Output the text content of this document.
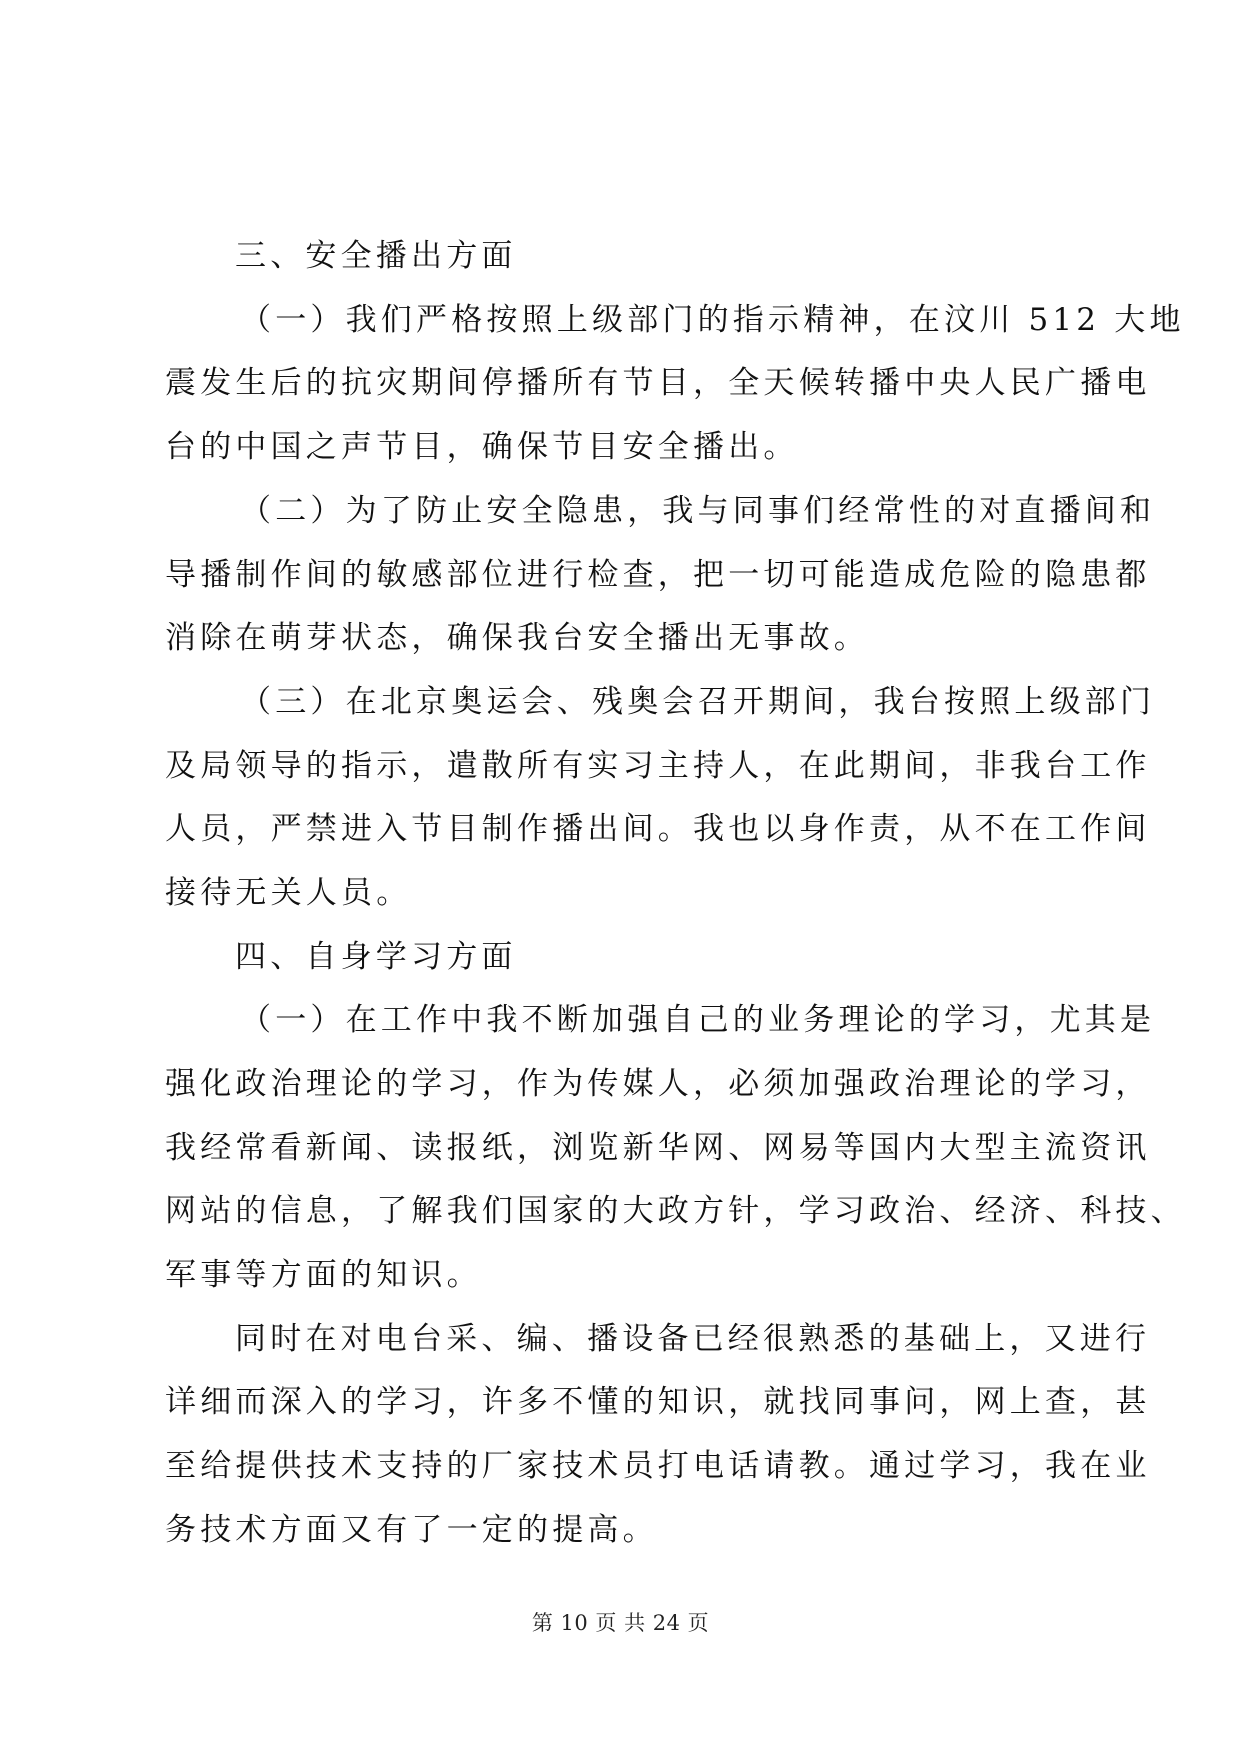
三、安全播出方面

（一）我们严格按照上级部门的指示精神，在汶川 512 大地

震发生后的抗灾期间停播所有节目，全天候转播中央人民广播电

台的中国之声节目，确保节目安全播出。

（二）为了防止安全隐患，我与同事们经常性的对直播间和

导播制作间的敏感部位进行检查，把一切可能造成危险的隐患都

消除在萌芽状态，确保我台安全播出无事故。

（三）在北京奥运会、残奥会召开期间，我台按照上级部门

及局领导的指示，遣散所有实习主持人，在此期间，非我台工作

人员，严禁进入节目制作播出间。我也以身作责，从不在工作间

接待无关人员。

四、自身学习方面

（一）在工作中我不断加强自己的业务理论的学习，尤其是

强化政治理论的学习，作为传媒人，必须加强政治理论的学习，

我经常看新闻、读报纸，浏览新华网、网易等国内大型主流资讯

网站的信息，了解我们国家的大政方针，学习政治、经济、科技、

军事等方面的知识。

同时在对电台采、编、播设备已经很熟悉的基础上，又进行

详细而深入的学习，许多不懂的知识，就找同事问，网上查，甚

至给提供技术支持的厂家技术员打电话请教。通过学习，我在业

务技术方面又有了一定的提高。

第 10 页 共 24 页
